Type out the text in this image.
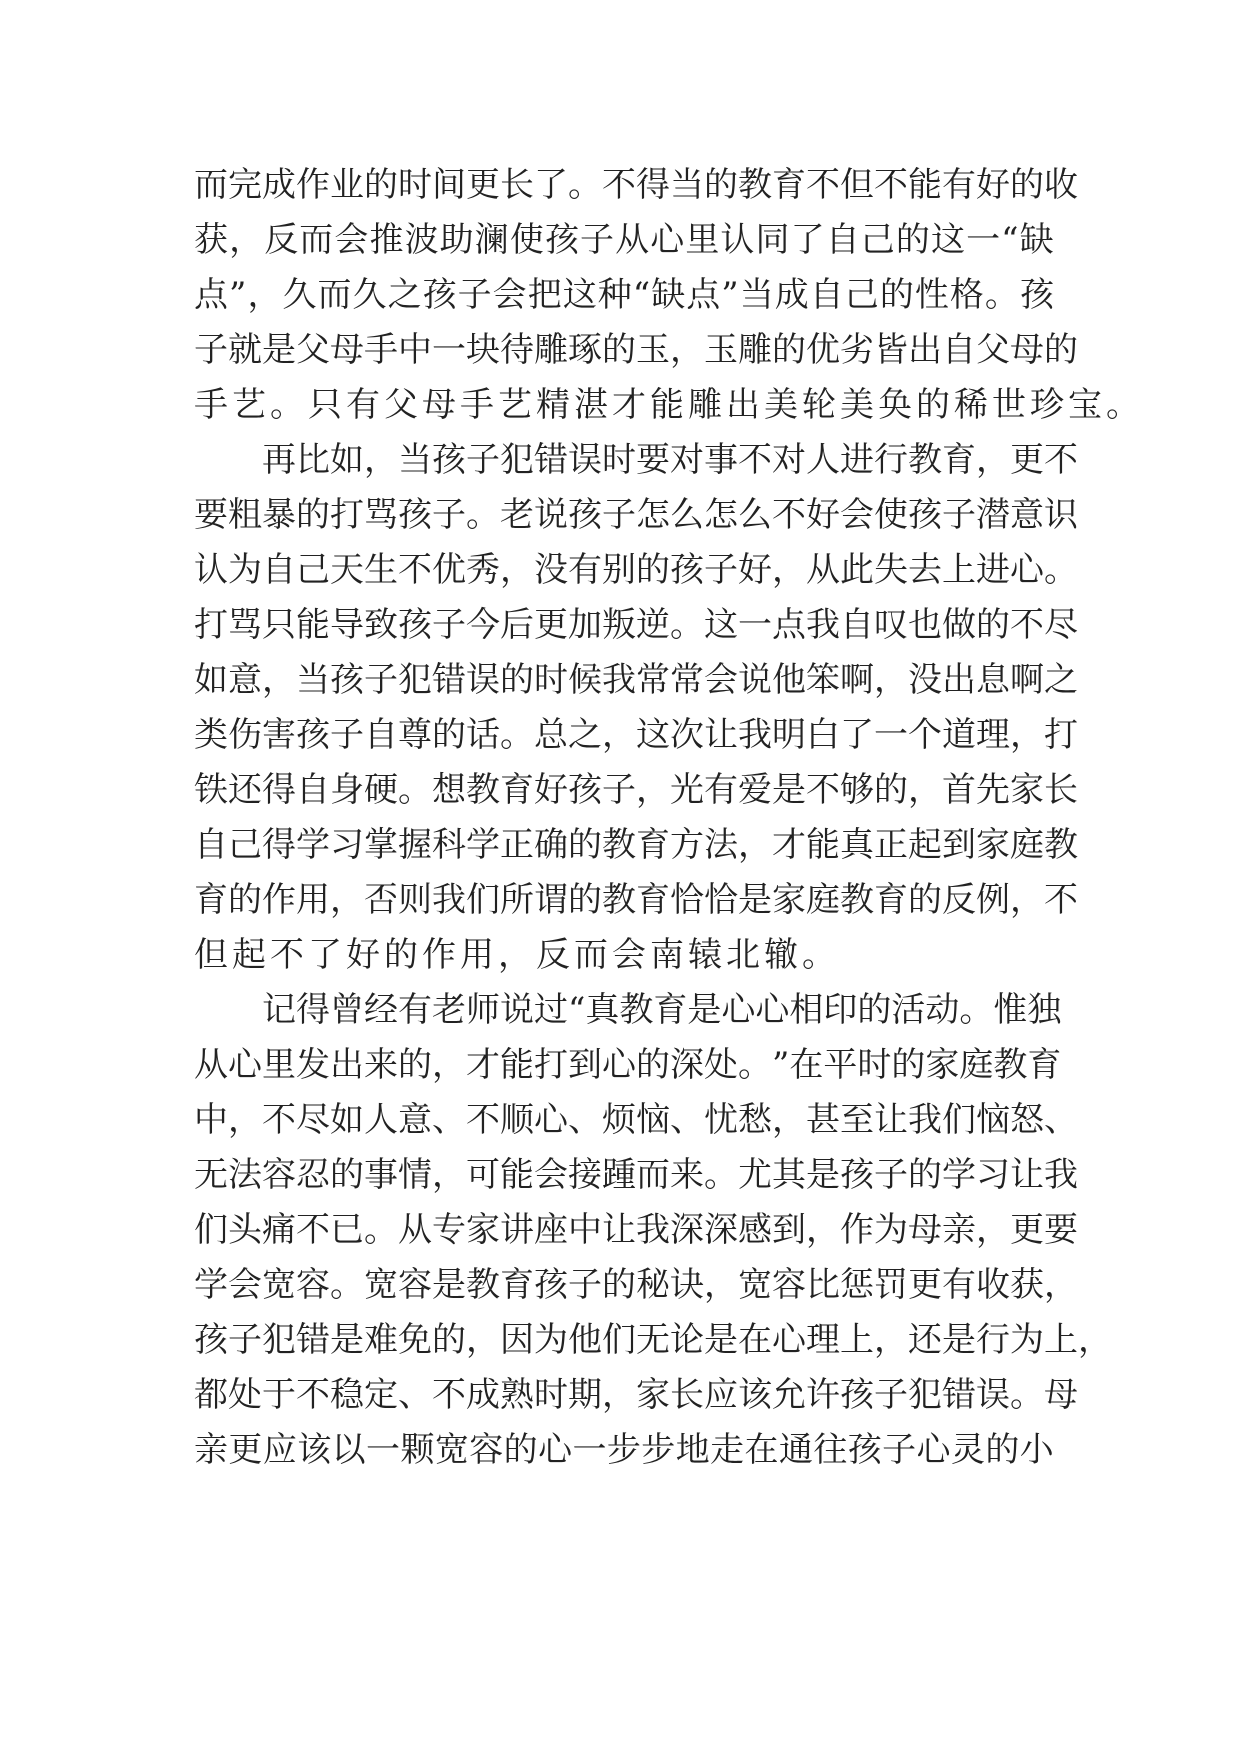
而 完 成 作 业 的 时 间 更 长 了 。 不 得 当 的 教 育 不 但 不 能 有 好 的 收
获 ， 反 而 会 推 波 助 澜 使 孩 子 从 心 里 认 同 了 自 己 的 这 一 “ 缺
点 ” ， 久 而 久 之 孩 子 会 把 这 种 “ 缺 点 ” 当 成 自 己 的 性 格 。 孩
子 就 是 父 母 手 中 一 块 待 雕 琢 的 玉 ， 玉 雕 的 优 劣 皆 出 自 父 母 的
手艺。只有父母手艺精湛才能雕出美轮美奂的稀世珍宝。
再 比 如 ， 当 孩 子 犯 错 误 时 要 对 事 不 对 人 进 行 教 育 ， 更 不
要 粗 暴 的 打 骂 孩 子 。 老 说 孩 子 怎 么 怎 么 不 好 会 使 孩 子 潜 意 识
认 为 自 己 天 生 不 优 秀 ， 没 有 别 的 孩 子 好 ， 从 此 失 去 上 进 心 。
打 骂 只 能 导 致 孩 子 今 后 更 加 叛 逆 。 这 一 点 我 自 叹 也 做 的 不 尽
如 意 ， 当 孩 子 犯 错 误 的 时 候 我 常 常 会 说 他 笨 啊 ， 没 出 息 啊 之
类 伤 害 孩 子 自 尊 的 话 。 总 之 ， 这 次 让 我 明 白 了 一 个 道 理 ， 打
铁 还 得 自 身 硬 。 想 教 育 好 孩 子 ， 光 有 爱 是 不 够 的 ， 首 先 家 长
自 己 得 学 习 掌 握 科 学 正 确 的 教 育 方 法 ， 才 能 真 正 起 到 家 庭 教
育 的 作 用 ， 否 则 我 们 所 谓 的 教 育 恰 恰 是 家 庭 教 育 的 反 例 ， 不
但起不了好的作用，反而会南辕北辙。
记 得 曾 经 有 老 师 说 过 “ 真 教 育 是 心 心 相 印 的 活 动 。 惟 独
从 心 里 发 出 来 的 ， 才 能 打 到 心 的 深 处 。 ” 在 平 时 的 家 庭 教 育
中 ， 不 尽 如 人 意 、 不 顺 心 、 烦 恼 、 忧 愁 ， 甚 至 让 我 们 恼 怒 、
无 法 容 忍 的 事 情 ， 可 能 会 接 踵 而 来 。 尤 其 是 孩 子 的 学 习 让 我
们 头 痛 不 已 。 从 专 家 讲 座 中 让 我 深 深 感 到 ， 作 为 母 亲 ， 更 要
学 会 宽 容 。 宽 容 是 教 育 孩 子 的 秘 诀 ， 宽 容 比 惩 罚 更 有 收 获 ，
孩 子 犯 错 是 难 免 的 ， 因 为 他 们 无 论 是 在 心 理 上 ， 还 是 行 为 上 ，
都 处 于 不 稳 定 、 不 成 熟 时 期 ， 家 长 应 该 允 许 孩 子 犯 错 误 。 母
亲 更 应 该 以 一 颗 宽 容 的 心 一 步 步 地 走 在 通 往 孩 子 心 灵 的 小
